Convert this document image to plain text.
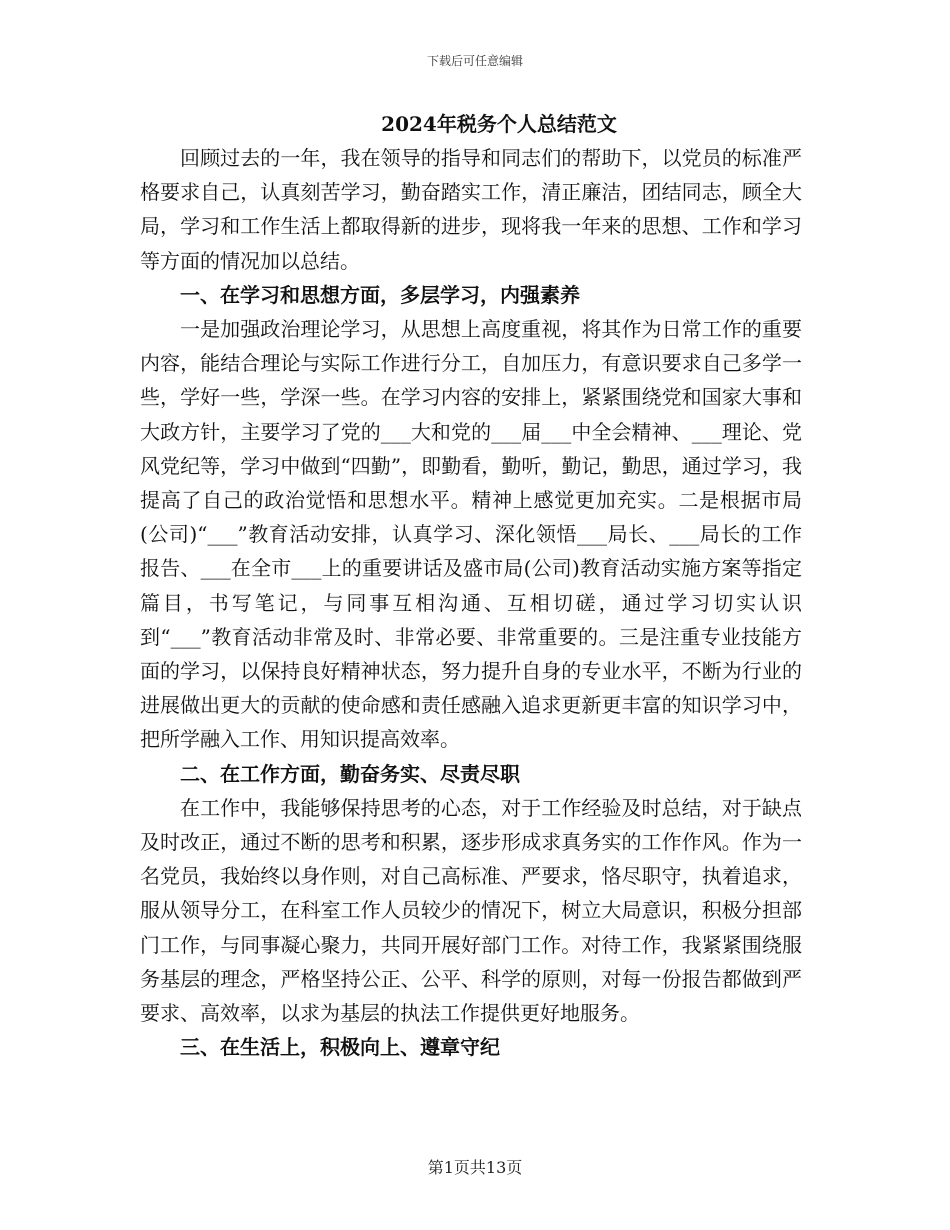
下载后可任意编辑
2024年税务个人总结范文

回顾过去的一年，我在领导的指导和同志们的帮助下，以党员的标准严格要求自己，认真刻苦学习，勤奋踏实工作，清正廉洁，团结同志，顾全大局，学习和工作生活上都取得新的进步，现将我一年来的思想、工作和学习等方面的情况加以总结。

一、在学习和思想方面，多层学习，内强素养

一是加强政治理论学习，从思想上高度重视，将其作为日常工作的重要内容，能结合理论与实际工作进行分工，自加压力，有意识要求自己多学一些，学好一些，学深一些。在学习内容的安排上，紧紧围绕党和国家大事和大政方针，主要学习了党的___大和党的___届___中全会精神、___理论、党风党纪等，学习中做到“四勤”，即勤看，勤听，勤记，勤思，通过学习，我提高了自己的政治觉悟和思想水平。精神上感觉更加充实。二是根据市局(公司)“___”教育活动安排，认真学习、深化领悟___局长、___局长的工作报告、___在全市___上的重要讲话及盛市局(公司)教育活动实施方案等指定篇目，书写笔记，与同事互相沟通、互相切磋，通过学习切实认识到“___”教育活动非常及时、非常必要、非常重要的。三是注重专业技能方面的学习，以保持良好精神状态，努力提升自身的专业水平，不断为行业的进展做出更大的贡献的使命感和责任感融入追求更新更丰富的知识学习中，把所学融入工作、用知识提高效率。

二、在工作方面，勤奋务实、尽责尽职

在工作中，我能够保持思考的心态，对于工作经验及时总结，对于缺点及时改正，通过不断的思考和积累，逐步形成求真务实的工作作风。作为一名党员，我始终以身作则，对自己高标准、严要求，恪尽职守，执着追求，服从领导分工，在科室工作人员较少的情况下，树立大局意识，积极分担部门工作，与同事凝心聚力，共同开展好部门工作。对待工作，我紧紧围绕服务基层的理念，严格坚持公正、公平、科学的原则，对每一份报告都做到严要求、高效率，以求为基层的执法工作提供更好地服务。

三、在生活上，积极向上、遵章守纪
第1页共13页
